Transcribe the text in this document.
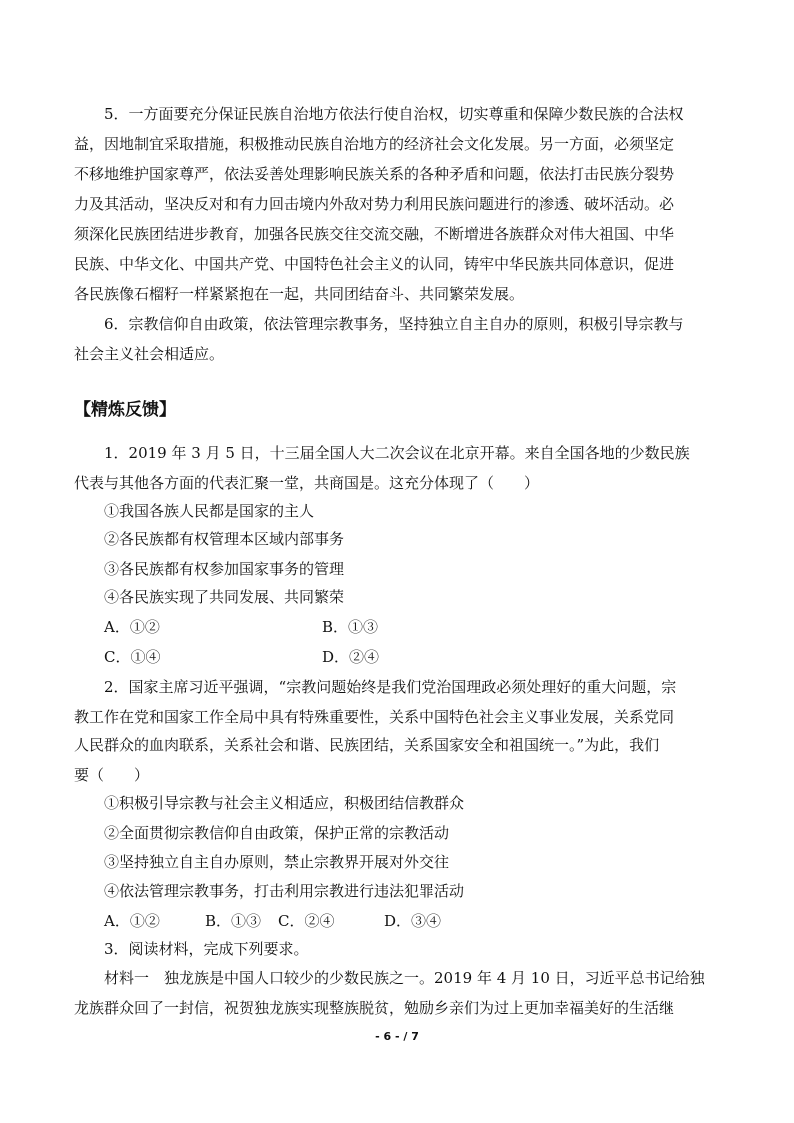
5．一方面要充分保证民族自治地方依法行使自治权，切实尊重和保障少数民族的合法权
益，因地制宜采取措施，积极推动民族自治地方的经济社会文化发展。另一方面，必须坚定
不移地维护国家尊严，依法妥善处理影响民族关系的各种矛盾和问题，依法打击民族分裂势
力及其活动，坚决反对和有力回击境内外敌对势力利用民族问题进行的渗透、破坏活动。必
须深化民族团结进步教育，加强各民族交往交流交融，不断增进各族群众对伟大祖国、中华
民族、中华文化、中国共产党、中国特色社会主义的认同，铸牢中华民族共同体意识，促进
各民族像石榴籽一样紧紧抱在一起，共同团结奋斗、共同繁荣发展。
6．宗教信仰自由政策，依法管理宗教事务，坚持独立自主自办的原则，积极引导宗教与
社会主义社会相适应。
【精炼反馈】
1．2019 年 3 月 5 日，十三届全国人大二次会议在北京开幕。来自全国各地的少数民族
代表与其他各方面的代表汇聚一堂，共商国是。这充分体现了（　　）
①我国各族人民都是国家的主人
②各民族都有权管理本区域内部事务
③各民族都有权参加国家事务的管理
④各民族实现了共同发展、共同繁荣
A．①②	B．①③
C．①④	D．②④
2．国家主席习近平强调，“宗教问题始终是我们党治国理政必须处理好的重大问题，宗
教工作在党和国家工作全局中具有特殊重要性，关系中国特色社会主义事业发展，关系党同
人民群众的血肉联系，关系社会和谐、民族团结，关系国家安全和祖国统一。”为此，我们
要（　　）
①积极引导宗教与社会主义相适应，积极团结信教群众
②全面贯彻宗教信仰自由政策，保护正常的宗教活动
③坚持独立自主自办原则，禁止宗教界开展对外交往
④依法管理宗教事务，打击利用宗教进行违法犯罪活动
A．①②	B．①③ C．②④	D．③④
3．阅读材料，完成下列要求。
材料一　独龙族是中国人口较少的少数民族之一。2019 年 4 月 10 日，习近平总书记给独
龙族群众回了一封信，祝贺独龙族实现整族脱贫，勉励乡亲们为过上更加幸福美好的生活继
- 6 - / 7
